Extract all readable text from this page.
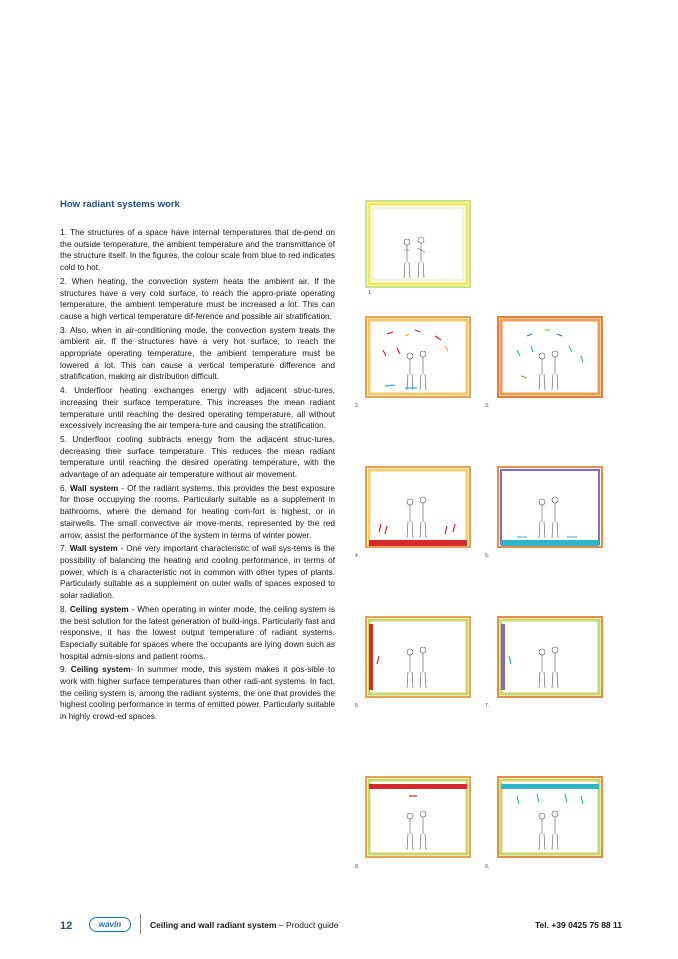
How radiant systems work

1. The structures of a space have internal temperatures that de-pend on the outside temperature, the ambient temperature and the transmittance of the structure itself. In the figures, the colour scale from blue to red indicates cold to hot.

2. When heating, the convection system heats the ambient air. If the structures have a very cold surface, to reach the appro-priate operating temperature, the ambient temperature must be increased a lot. This can cause a high vertical temperature dif-ference and possible air stratification.

3. Also, when in air-conditioning mode, the convection system treats the ambient air. If the structures have a very hot surface, to reach the appropriate operating temperature, the ambient temperature must be lowered a lot. This can cause a vertical temperature difference and stratification, making air distribution difficult.

4. Underfloor heating exchanges energy with adjacent struc-tures, increasing their surface temperature. This increases the mean radiant temperature until reaching the desired operating temperature, all without excessively increasing the air tempera-ture and causing the stratification.

5. Underfloor cooling subtracts energy from the adjacent struc-tures, decreasing their surface temperature. This reduces the mean radiant temperature until reaching the desired operating temperature, with the advantage of an adequate air temperature without air movement.

6. Wall system - Of the radiant systems, this provides the best exposure for those occupying the rooms. Particularly suitable as a supplement in bathrooms, where the demand for heating com-fort is highest, or in stairwells. The small convective air move-ments, represented by the red arrow, assist the performance of the system in terms of winter power.

7. Wall system - One very important characteristic of wall sys-tems is the possibility of balancing the heating and cooling performance, in terms of power, which is a characteristic not in common with other types of plants. Particularly suitable as a supplement on outer walls of spaces exposed to solar radiation.

8. Ceiling system - When operating in winter mode, the ceiling system is the best solution for the latest generation of build-ings. Particularly fast and responsive, it has the lowest output temperature of radiant systems. Especially suitable for spaces where the occupants are lying down such as hospital admis-sions and patient rooms.

9. Ceiling system- In summer mode, this system makes it pos-sible to work with higher surface temperatures than other radi-ant systems. In fact, the ceiling system is, among the radiant systems, the one that provides the highest cooling performance in terms of emitted power. Particularly suitable in highly crowd-ed spaces.

1.
2.	3.
4.	5.
6.	7.
8.	9.
12	wavin	Ceiling and wall radiant system – Product guide	Tel. +39 0425 75 88 11
